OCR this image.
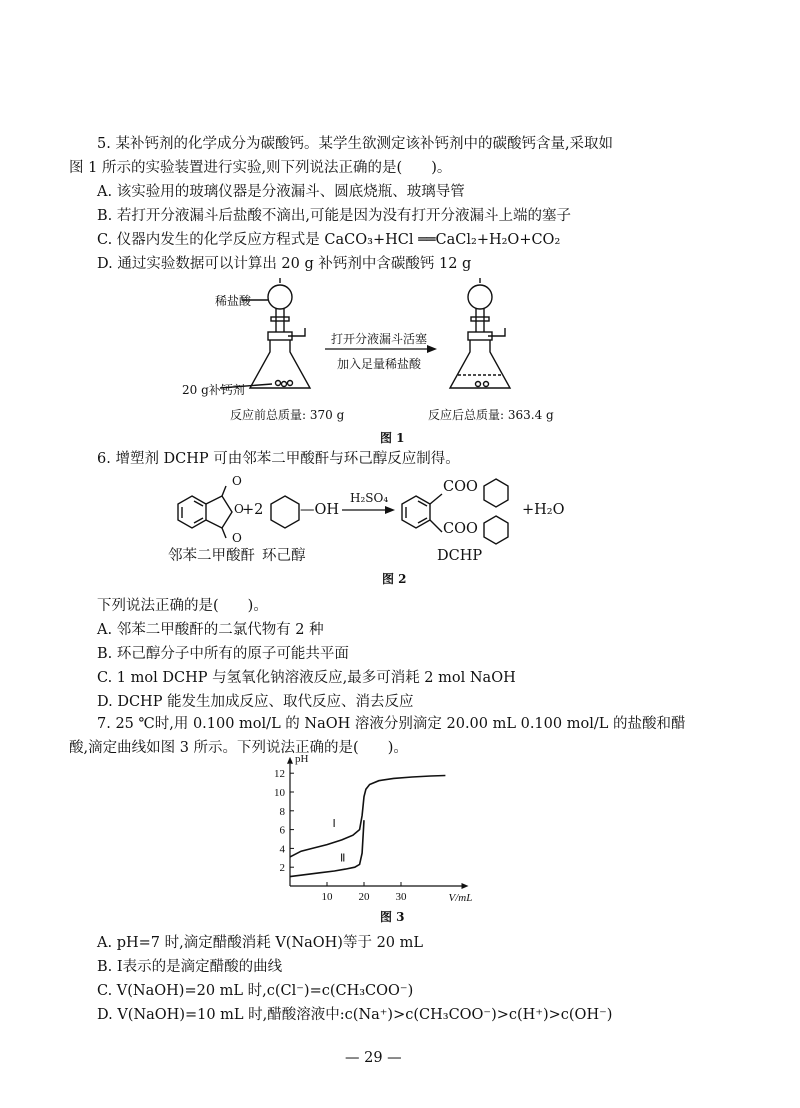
5. 某补钙剂的化学成分为碳酸钙。某学生欲测定该补钙剂中的碳酸钙含量,采取如
图 1 所示的实验装置进行实验,则下列说法正确的是(　　)。
A. 该实验用的玻璃仪器是分液漏斗、圆底烧瓶、玻璃导管
B. 若打开分液漏斗后盐酸不滴出,可能是因为没有打开分液漏斗上端的塞子
C. 仪器内发生的化学反应方程式是 CaCO₃+HCl ══CaCl₂+H₂O+CO₂
D. 通过实验数据可以计算出 20 g 补钙剂中含碳酸钙 12 g
稀盐酸
20 g补钙剂
打开分液漏斗活塞
加入足量稀盐酸
反应前总质量: 370 g	反应后总质量: 363.4 g
图 1
6. 增塑剂 DCHP 可由邻苯二甲酸酐与环己醇反应制得。
O
O
O
+2	—OH
H₂SO₄
COO
COO
+H₂O
邻苯二甲酸酐 环己醇	DCHP
图 2
下列说法正确的是(　　)。
A. 邻苯二甲酸酐的二氯代物有 2 种
B. 环己醇分子中所有的原子可能共平面
C. 1 mol DCHP 与氢氧化钠溶液反应,最多可消耗 2 mol NaOH
D. DCHP 能发生加成反应、取代反应、消去反应
7. 25 ℃时,用 0.100 mol/L 的 NaOH 溶液分别滴定 20.00 mL 0.100 mol/L 的盐酸和醋
酸,滴定曲线如图 3 所示。下列说法正确的是(　　)。
2
4
6
8
10
12
10 20 30
pH
V/mL
Ⅰ
Ⅱ
图 3
A. pH=7 时,滴定醋酸消耗 V(NaOH)等于 20 mL
B. Ⅰ表示的是滴定醋酸的曲线
C. V(NaOH)=20 mL 时,c(Cl⁻)=c(CH₃COO⁻)
D. V(NaOH)=10 mL 时,醋酸溶液中:c(Na⁺)>c(CH₃COO⁻)>c(H⁺)>c(OH⁻)
— 29 —
